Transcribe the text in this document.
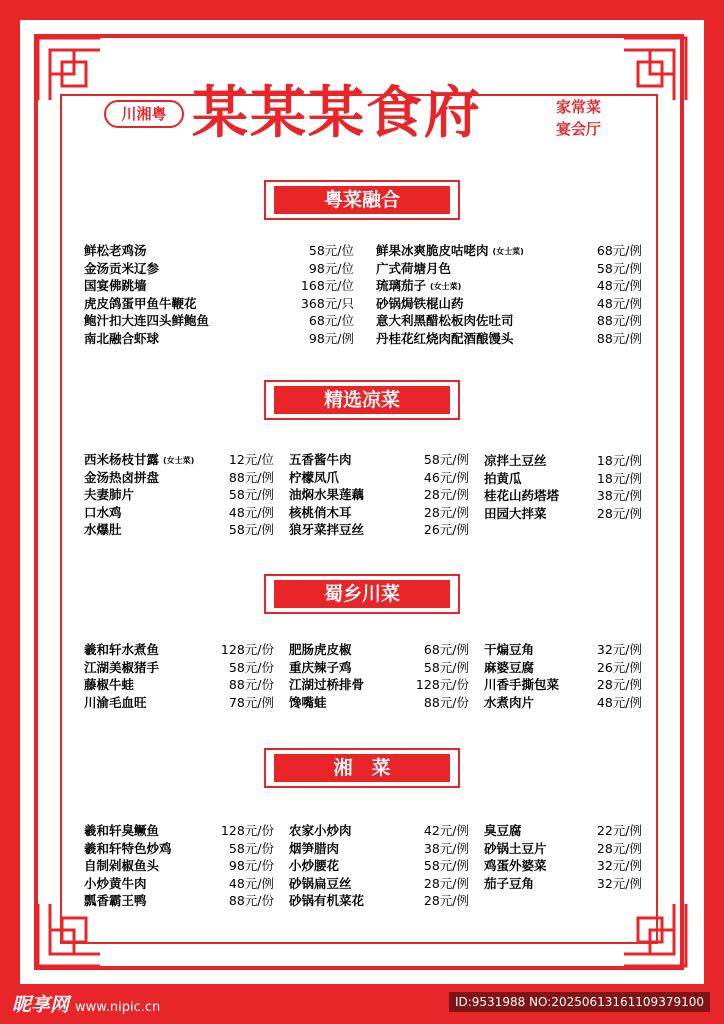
川湘粤 某某某食府	家常菜
宴会厅
粤菜融合
精选凉菜
蜀乡川菜
湘　菜
鲜松老鸡汤	58元/位
金汤贡米辽参	98元/位
国宴佛跳墙	168元/位
虎皮鸽蛋甲鱼牛鞭花	368元/只
鲍汁扣大连四头鲜鲍鱼	68元/位
南北融合虾球	98元/例
鲜果冰爽脆皮咕咾肉 (女士菜)	68元/例
广式荷塘月色	58元/例
琉璃茄子 (女士菜)	48元/例
砂锅焗铁棍山药	48元/例
意大利黑醋松板肉佐吐司	88元/例
丹桂花红烧肉配酒酿馒头	88元/例
西米杨枝甘露 (女士菜)	12元/位
金汤热卤拼盘	88元/例
夫妻肺片	58元/例
口水鸡	48元/例
水爆肚	58元/例
五香酱牛肉	58元/例
柠檬凤爪	46元/例
油焖水果莲藕	28元/例
核桃俏木耳	28元/例
狼牙菜拌豆丝	26元/例
凉拌土豆丝	18元/例
拍黄瓜	18元/例
桂花山药塔塔	38元/例
田园大拌菜	28元/例
羲和轩水煮鱼	128元/份
江湖美椒猪手	58元/份
藤椒牛蛙	88元/份
川渝毛血旺	78元/例
肥肠虎皮椒	68元/例
重庆辣子鸡	58元/例
江湖过桥排骨	128元/份
馋嘴蛙	88元/份
干煸豆角	32元/例
麻婆豆腐	26元/例
川香手撕包菜	28元/例
水煮肉片	48元/例
羲和轩臭鳜鱼	128元/份
羲和轩特色炒鸡	58元/份
自制剁椒鱼头	98元/份
小炒黄牛肉	48元/例
瓢香霸王鸭	88元/份
农家小炒肉	42元/例
烟笋腊肉	38元/例
小炒腰花	58元/例
砂锅扁豆丝	28元/例
砂锅有机菜花	28元/例
臭豆腐	22元/例
砂锅土豆片	28元/例
鸡蛋外婆菜	32元/例
茄子豆角	32元/例
昵享网 www.nipic.cn	ID:9531988 NO:20250613161109379100
